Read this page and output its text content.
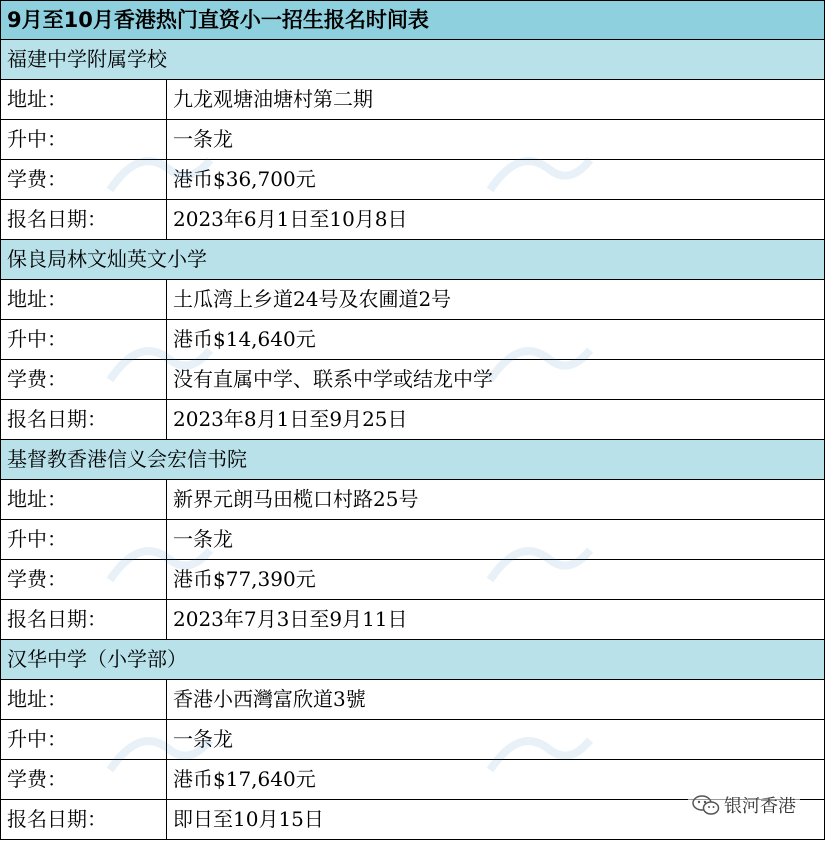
9月至10月香港热门直资小一招生报名时间表	
福建中学附属学校	
地址：	九龙观塘油塘村第二期
升中：	一条龙
学费：	港币$36,700元
报名日期：	2023年6月1日至10月8日
保良局林文灿英文小学	
地址：	土瓜湾上乡道24号及农圃道2号
升中：	港币$14,640元
学费：	没有直属中学、联系中学或结龙中学
报名日期：	2023年8月1日至9月25日
基督教香港信义会宏信书院	
地址：	新界元朗马田榄口村路25号
升中：	一条龙
学费：	港币$77,390元
报名日期：	2023年7月3日至9月11日
汉华中学（小学部）	
地址：	香港小西灣富欣道3號
升中：	一条龙
学费：	港币$17,640元
报名日期：	即日至10月15日
银河香港
